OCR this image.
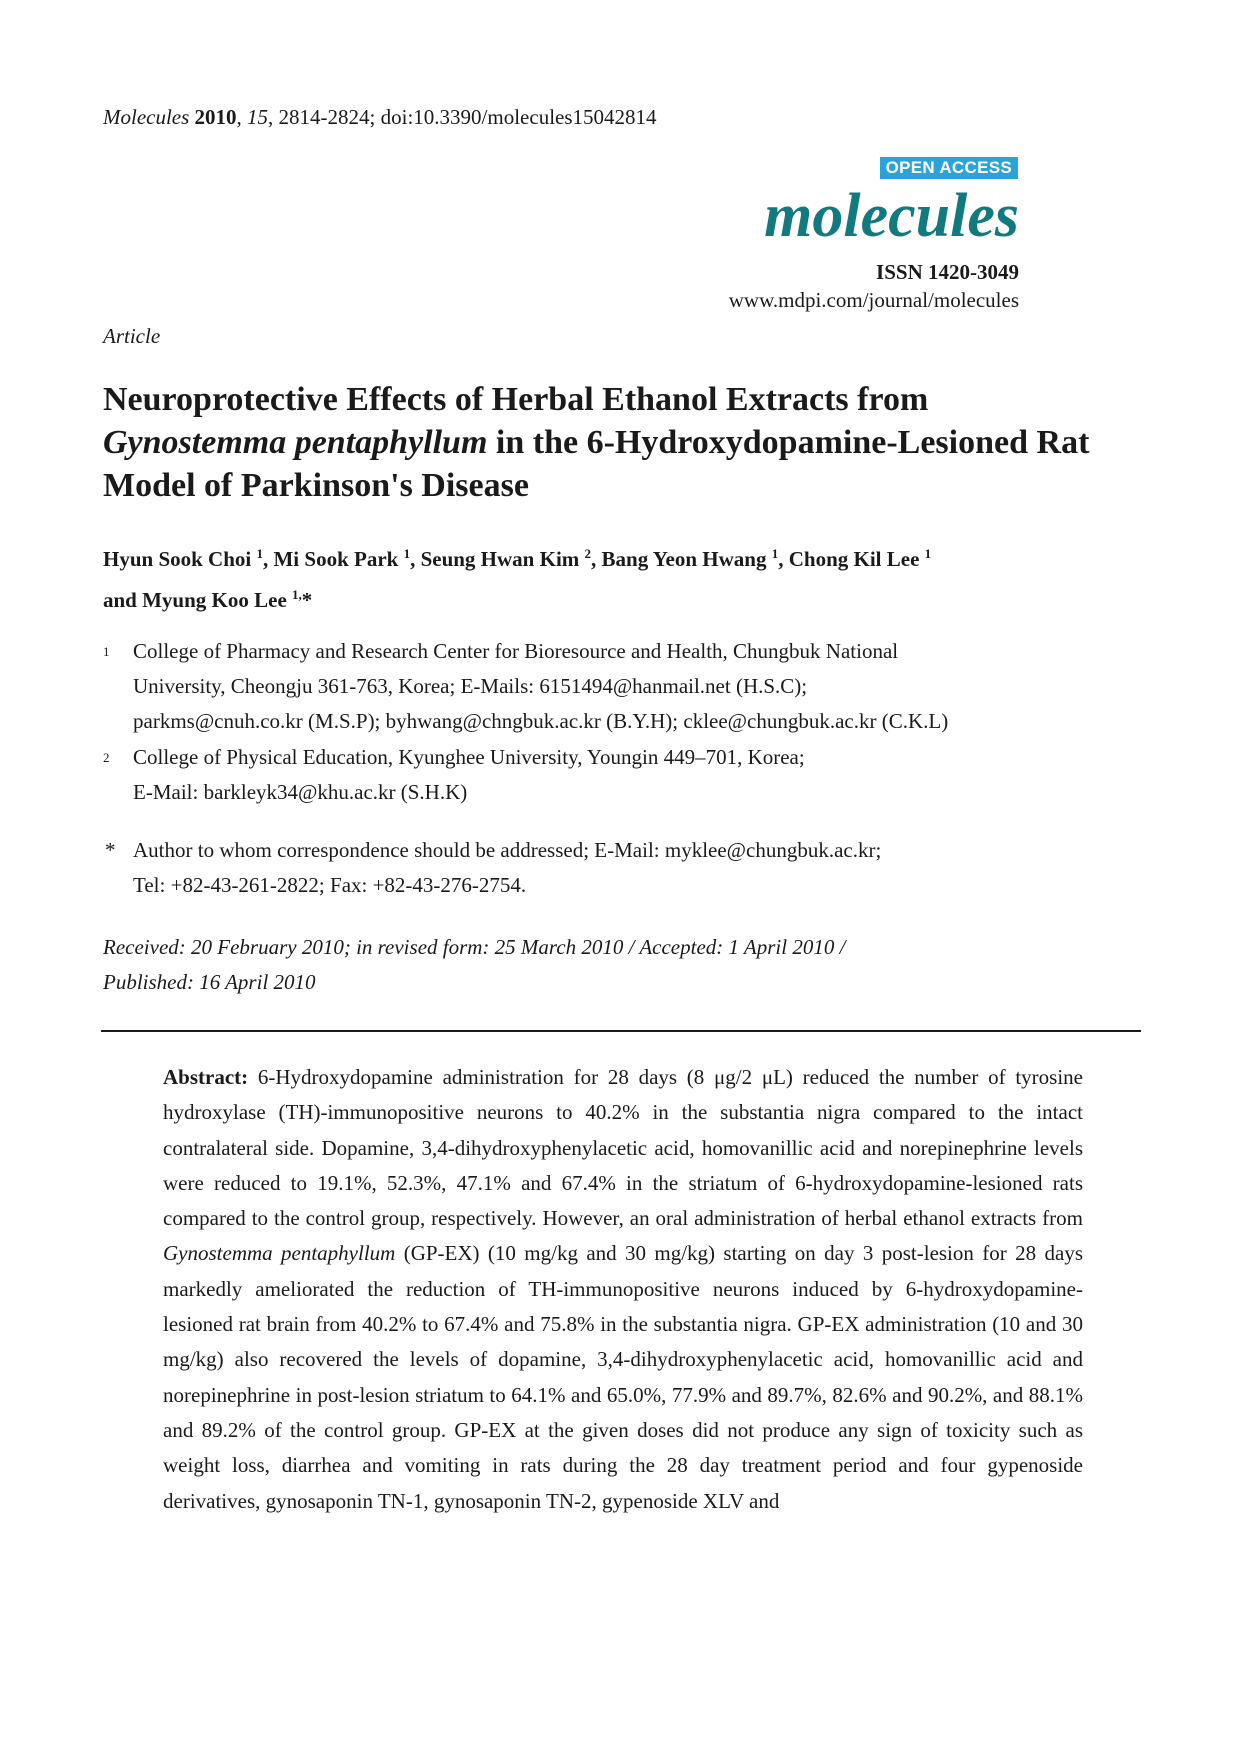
Molecules 2010, 15, 2814-2824; doi:10.3390/molecules15042814
OPEN ACCESS
molecules
ISSN 1420-3049
www.mdpi.com/journal/molecules
Article
Neuroprotective Effects of Herbal Ethanol Extracts from
Gynostemma pentaphyllum in the 6-Hydroxydopamine-Lesioned Rat Model of Parkinson's Disease
Hyun Sook Choi $^1$, Mi Sook Park $^1$, Seung Hwan Kim $^2$, Bang Yeon Hwang $^1$, Chong Kil Lee $^1$
and Myung Koo Lee $^{1,}$*
1 College of Pharmacy and Research Center for Bioresource and Health, Chungbuk National
University, Cheongju 361-763, Korea; E-Mails: 6151494@hanmail.net (H.S.C);
parkms@cnuh.co.kr (M.S.P); byhwang@chngbuk.ac.kr (B.Y.H); cklee@chungbuk.ac.kr (C.K.L)
2 College of Physical Education, Kyunghee University, Youngin 449–701, Korea;
E-Mail: barkleyk34@khu.ac.kr (S.H.K)
* Author to whom correspondence should be addressed; E-Mail: myklee@chungbuk.ac.kr;
Tel: +82-43-261-2822; Fax: +82-43-276-2754.
Received: 20 February 2010; in revised form: 25 March 2010 / Accepted: 1 April 2010 /
Published: 16 April 2010
Abstract: 6-Hydroxydopamine administration for 28 days (8 μg/2 μL) reduced the number of tyrosine hydroxylase (TH)-immunopositive neurons to 40.2% in the substantia nigra compared to the intact contralateral side. Dopamine, 3,4-dihydroxyphenylacetic acid, homovanillic acid and norepinephrine levels were reduced to 19.1%, 52.3%, 47.1% and 67.4% in the striatum of 6-hydroxydopamine-lesioned rats compared to the control group, respectively. However, an oral administration of herbal ethanol extracts from Gynostemma pentaphyllum (GP-EX) (10 mg/kg and 30 mg/kg) starting on day 3 post-lesion for 28 days markedly ameliorated the reduction of TH-immunopositive neurons induced by 6-hydroxydopamine-lesioned rat brain from 40.2% to 67.4% and 75.8% in the substantia nigra. GP-EX administration (10 and 30 mg/kg) also recovered the levels of dopamine, 3,4-dihydroxyphenylacetic acid, homovanillic acid and norepinephrine in post-lesion striatum to 64.1% and 65.0%, 77.9% and 89.7%, 82.6% and 90.2%, and 88.1% and 89.2% of the control group. GP-EX at the given doses did not produce any sign of toxicity such as weight loss, diarrhea and vomiting in rats during the 28 day treatment period and four gypenoside derivatives, gynosaponin TN-1, gynosaponin TN-2, gypenoside XLV and
